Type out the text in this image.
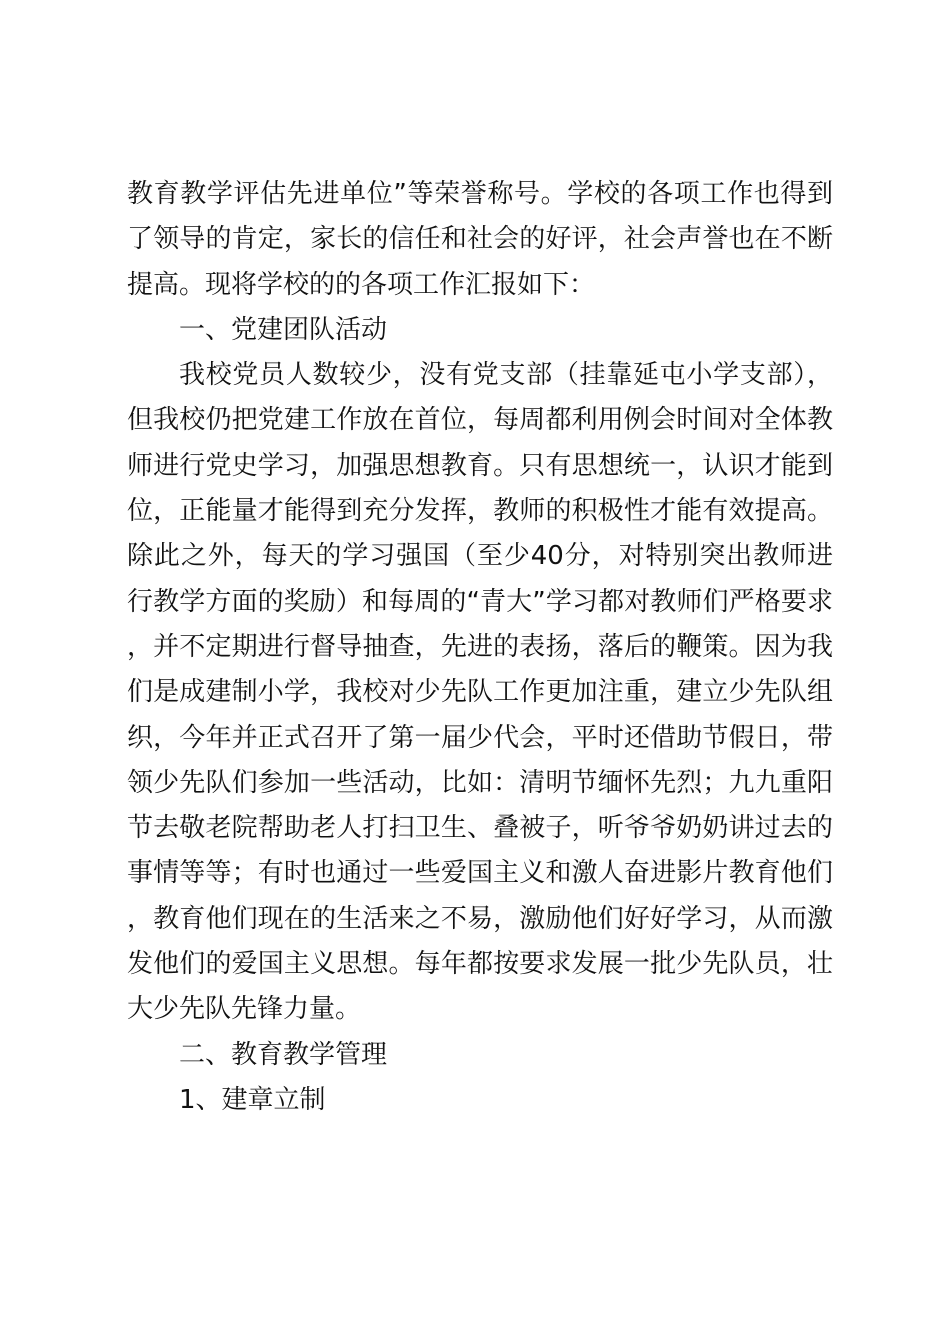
教育教学评估先进单位”等荣誉称号。学校的各项工作也得到了领导的肯定，家长的信任和社会的好评，社会声誉也在不断提高。现将学校的的各项工作汇报如下：

一、党建团队活动

我校党员人数较少，没有党支部（挂靠延屯小学支部），但我校仍把党建工作放在首位，每周都利用例会时间对全体教师进行党史学习，加强思想教育。只有思想统一，认识才能到位，正能量才能得到充分发挥，教师的积极性才能有效提高。除此之外，每天的学习强国（至少40分，对特别突出教师进行教学方面的奖励）和每周的“青大”学习都对教师们严格要求，并不定期进行督导抽查，先进的表扬，落后的鞭策。因为我们是成建制小学，我校对少先队工作更加注重，建立少先队组织，今年并正式召开了第一届少代会，平时还借助节假日，带领少先队们参加一些活动，比如：清明节缅怀先烈；九九重阳节去敬老院帮助老人打扫卫生、叠被子，听爷爷奶奶讲过去的事情等等；有时也通过一些爱国主义和激人奋进影片教育他们，教育他们现在的生活来之不易，激励他们好好学习，从而激发他们的爱国主义思想。每年都按要求发展一批少先队员，壮大少先队先锋力量。

二、教育教学管理

1、建章立制
